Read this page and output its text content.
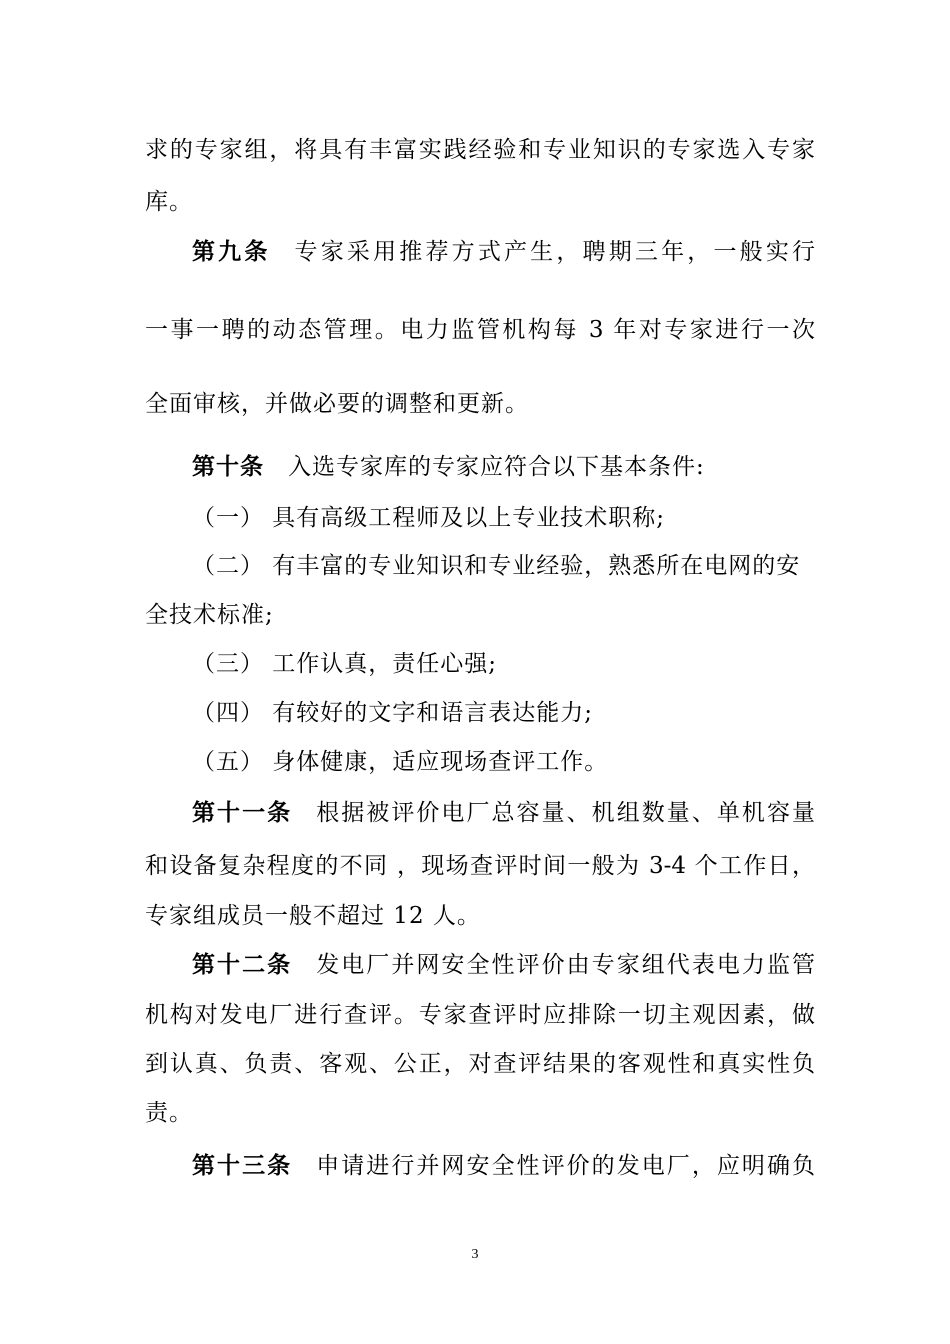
求的专家组，将具有丰富实践经验和专业知识的专家选入专家
库。
第九条 专家采用推荐方式产生，聘期三年，一般实行
一事一聘的动态管理。电力监管机构每 3 年对专家进行一次
全面审核，并做必要的调整和更新。
第十条 入选专家库的专家应符合以下基本条件:
（一） 具有高级工程师及以上专业技术职称;
（二） 有丰富的专业知识和专业经验，熟悉所在电网的安
全技术标准;
（三） 工作认真，责任心强;
（四） 有较好的文字和语言表达能力;
（五） 身体健康，适应现场查评工作。
第十一条 根据被评价电厂总容量、机组数量、单机容量
和设备复杂程度的不同 ，现场查评时间一般为 3-4 个工作日，
专家组成员一般不超过 12 人。
第十二条 发电厂并网安全性评价由专家组代表电力监管
机构对发电厂进行查评。专家查评时应排除一切主观因素，做
到认真、负责、客观、公正，对查评结果的客观性和真实性负
责。
第十三条 申请进行并网安全性评价的发电厂，应明确负
3
